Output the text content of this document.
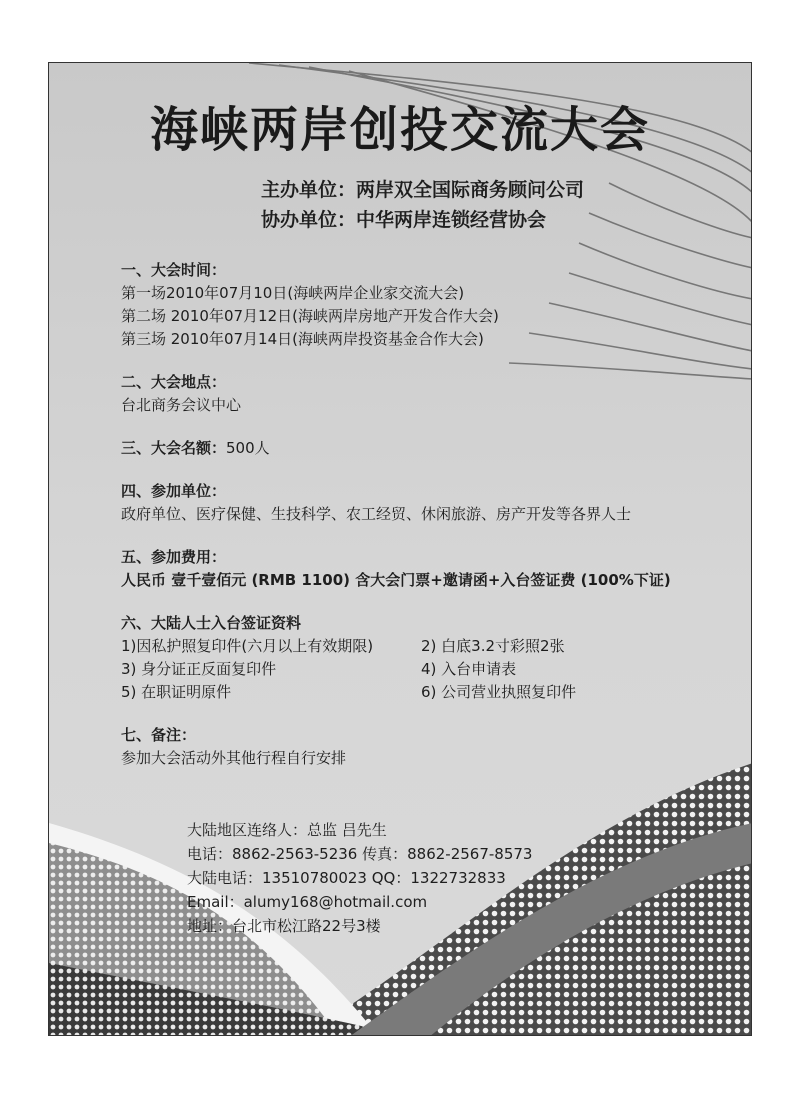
海峡两岸创投交流大会
主办单位：两岸双全国际商务顾问公司
协办单位：中华两岸连锁经营协会
一、大会时间：
第一场2010年07月10日(海峡两岸企业家交流大会)
第二场 2010年07月12日(海峡两岸房地产开发合作大会)
第三场 2010年07月14日(海峡两岸投资基金合作大会)
二、大会地点：
台北商务会议中心
三、大会名额：500人
四、参加单位：
政府单位、医疗保健、生技科学、农工经贸、休闲旅游、房产开发等各界人士
五、参加费用：
人民币 壹千壹佰元 (RMB 1100) 含大会门票+邀请函+入台签证费 (100%下证)
六、大陆人士入台签证资料
1)因私护照复印件(六月以上有效期限)	2) 白底3.2寸彩照2张
3) 身分证正反面复印件	4) 入台申请表
5) 在职证明原件	6) 公司营业执照复印件
七、备注：
参加大会活动外其他行程自行安排
大陆地区连络人：总监 吕先生
电话：8862-2563-5236 传真：8862-2567-8573
大陆电话：13510780023 QQ：1322732833
Email：alumy168@hotmail.com
地址：台北市松江路22号3楼
